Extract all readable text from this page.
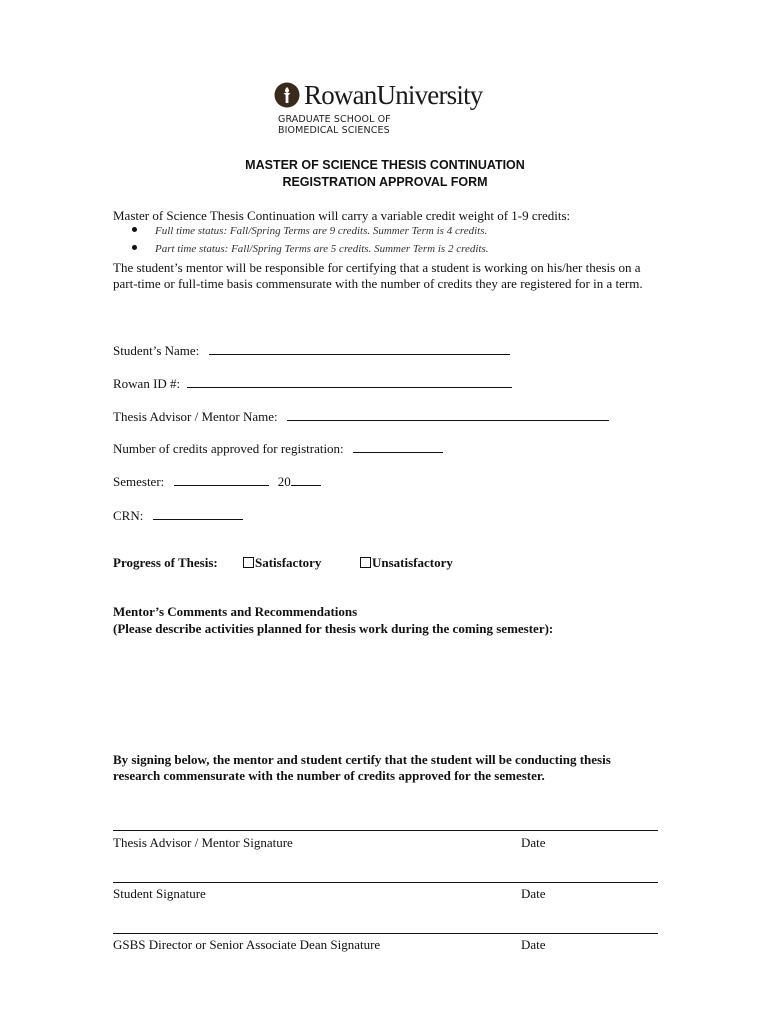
RowanUniversity
GRADUATE SCHOOL OF
BIOMEDICAL SCIENCES
MASTER OF SCIENCE THESIS CONTINUATION
REGISTRATION APPROVAL FORM
Master of Science Thesis Continuation will carry a variable credit weight of 1-9 credits:
Full time status: Fall/Spring Terms are 9 credits. Summer Term is 4 credits.
Part time status: Fall/Spring Terms are 5 credits. Summer Term is 2 credits.
The student’s mentor will be responsible for certifying that a student is working on his/her thesis on a part-time or full-time basis commensurate with the number of credits they are registered for in a term.
Student’s Name:
Rowan ID #:
Thesis Advisor / Mentor Name:
Number of credits approved for registration:
Semester:	20
CRN:
Progress of Thesis:	Satisfactory	Unsatisfactory
Mentor’s Comments and Recommendations
(Please describe activities planned for thesis work during the coming semester):
By signing below, the mentor and student certify that the student will be conducting thesis research commensurate with the number of credits approved for the semester.
Thesis Advisor / Mentor Signature	Date
Student Signature	Date
GSBS Director or Senior Associate Dean Signature	Date
